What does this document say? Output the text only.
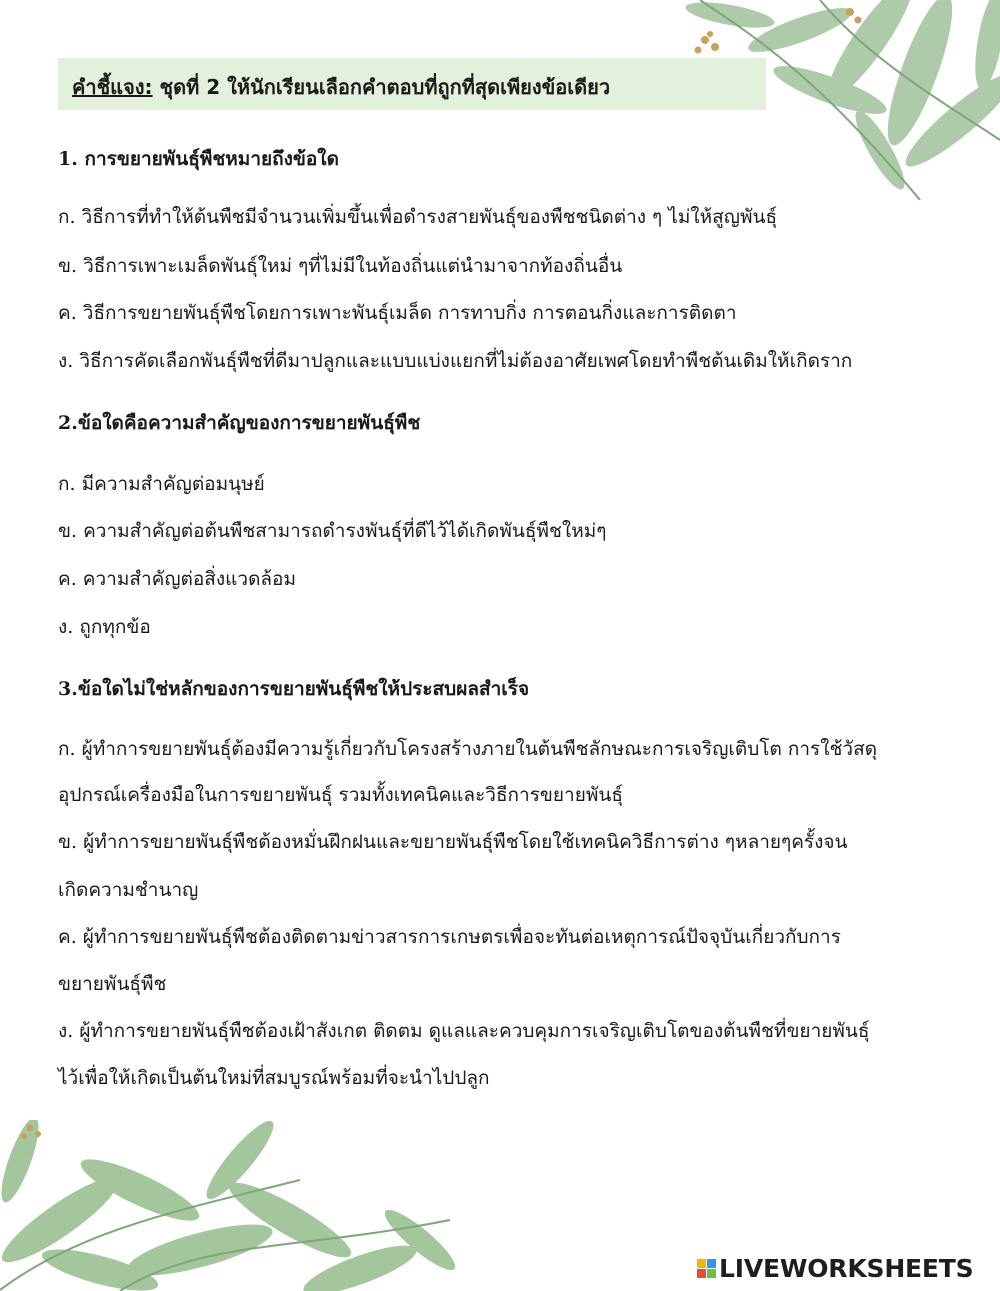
คำชี้แจง: ชุดที่ 2 ให้นักเรียนเลือกคำตอบที่ถูกที่สุดเพียงข้อเดียว
1. การขยายพันธุ์พืชหมายถึงข้อใด
ก. วิธีการที่ทำให้ต้นพืชมีจำนวนเพิ่มขึ้นเพื่อดำรงสายพันธุ์ของพืชชนิดต่าง ๆ ไม่ให้สูญพันธุ์
ข. วิธีการเพาะเมล็ดพันธุ์ใหม่ ๆที่ไม่มีในท้องถิ่นแต่นำมาจากท้องถิ่นอื่น
ค. วิธีการขยายพันธุ์พืชโดยการเพาะพันธุ์เมล็ด การทาบกิ่ง การตอนกิ่งและการติดตา
ง. วิธีการคัดเลือกพันธุ์พืชที่ดีมาปลูกและแบบแบ่งแยกที่ไม่ต้องอาศัยเพศโดยทำพืชต้นเดิมให้เกิดราก
2.ข้อใดคือความสำคัญของการขยายพันธุ์พืช
ก. มีความสำคัญต่อมนุษย์
ข. ความสำคัญต่อต้นพืชสามารถดำรงพันธุ์ที่ดีไว้ได้เกิดพันธุ์พืชใหม่ๆ
ค. ความสำคัญต่อสิ่งแวดล้อม
ง. ถูกทุกข้อ
3.ข้อใดไม่ใช่หลักของการขยายพันธุ์พืชให้ประสบผลสำเร็จ
ก. ผู้ทำการขยายพันธุ์ต้องมีความรู้เกี่ยวกับโครงสร้างภายในต้นพืชลักษณะการเจริญเติบโต การใช้วัสดุ
อุปกรณ์เครื่องมือในการขยายพันธุ์ รวมทั้งเทคนิคและวิธีการขยายพันธุ์
ข. ผู้ทำการขยายพันธุ์พืชต้องหมั่นฝึกฝนและขยายพันธุ์พืชโดยใช้เทคนิควิธีการต่าง ๆหลายๆครั้งจน
เกิดความชำนาญ
ค. ผู้ทำการขยายพันธุ์พืชต้องติดตามข่าวสารการเกษตรเพื่อจะทันต่อเหตุการณ์ปัจจุบันเกี่ยวกับการ
ขยายพันธุ์พืช
ง. ผู้ทำการขยายพันธุ์พืชต้องเฝ้าสังเกต ติดตม ดูแลและควบคุมการเจริญเติบโตของต้นพืชที่ขยายพันธุ์
ไว้เพื่อให้เกิดเป็นต้นใหม่ที่สมบูรณ์พร้อมที่จะนำไปปลูก
LIVEWORKSHEETS
